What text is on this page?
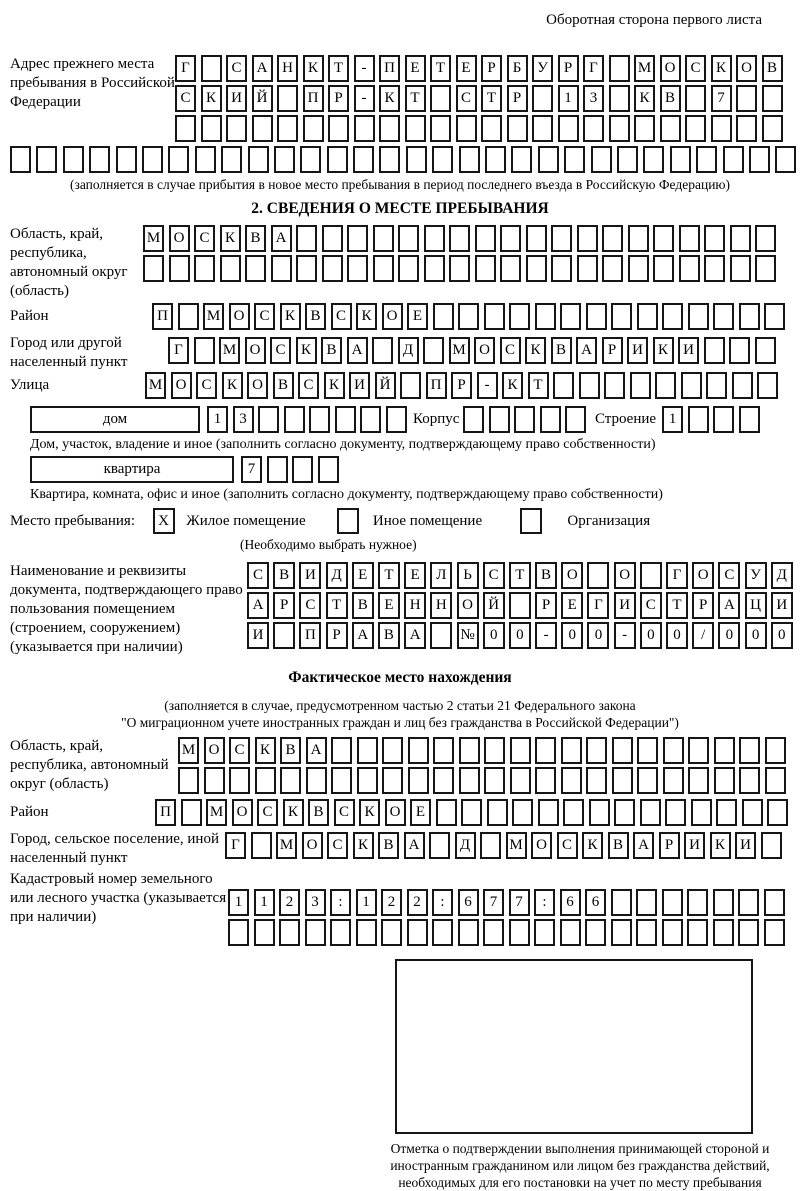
Оборотная сторона первого листа
Адрес прежнего места пребывания в Российской Федерации
Г	С А Н К Т - П Е Т Е Р Б У Р Г	М О С К О В
С К И Й	П Р - К Т	С Т Р	1 3	К В	7
(заполняется в случае прибытия в новое место пребывания в период последнего въезда в Российскую Федерацию)
2. СВЕДЕНИЯ О МЕСТЕ ПРЕБЫВАНИЯ
Область, край, республика, автономный округ (область)
М О С К В А
Район	П	М О С К В С К О Е
Город или другой населенный пункт
Г	М О С К В А	Д	М О С К В А Р И К И
Улица	М О С К О В С К И Й	П Р - К Т
дом	1 3	Корпус	Строение 1
Дом, участок, владение и иное (заполнить согласно документу, подтверждающему право собственности)
квартира	7
Квартира, комната, офис и иное (заполнить согласно документу, подтверждающему право собственности)
Место пребывания: X Жилое помещение	Иное помещение	Организация
(Необходимо выбрать нужное)
Наименование и реквизиты документа, подтверждающего право пользования помещением (строением, сооружением) (указывается при наличии)
С В И Д Е Т Е Л Ь С Т В О	О	Г О С У Д
А Р С Т В Е Н Н О Й	Р Е Г И С Т Р А Ц И
И	П Р А В А	№ 0 0 - 0 0 - 0 0 / 0 0 0
Фактическое место нахождения
(заполняется в случае, предусмотренном частью 2 статьи 21 Федерального закона
"О миграционном учете иностранных граждан и лиц без гражданства в Российской Федерации")
Область, край, республика, автономный округ (область)
М О С К В А
Район	П	М О С К В С К О Е
Город, сельское поселение, иной населенный пункт
Г	М О С К В А	Д	М О С К В А Р И К И
Кадастровый номер земельного или лесного участка (указывается при наличии)
1 1 2 3 : 1 2 2 : 6 7 7 : 6 6
Отметка о подтверждении выполнения принимающей стороной и иностранным гражданином или лицом без гражданства действий, необходимых для его постановки на учет по месту пребывания
